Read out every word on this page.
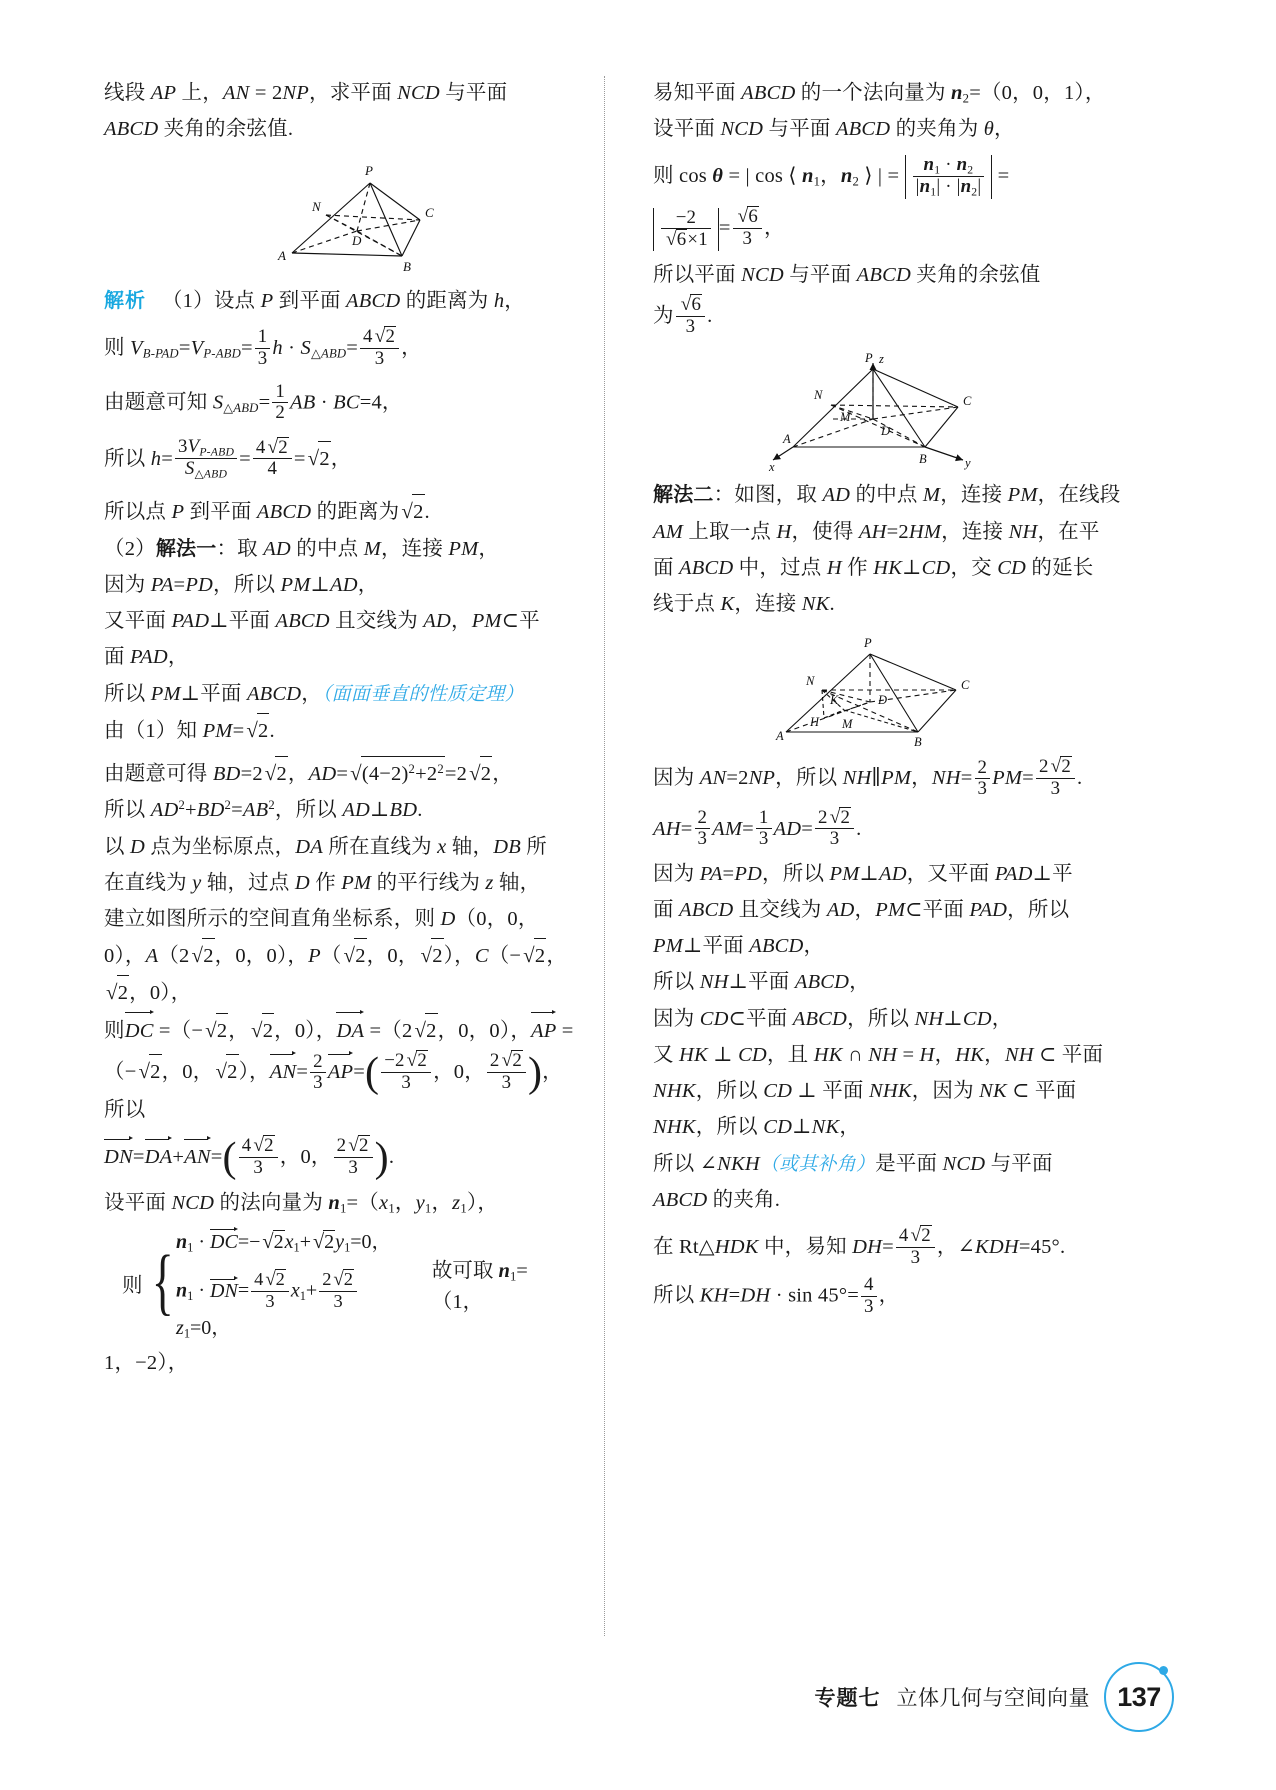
线段 AP 上，AN = 2NP，求平面 NCD 与平面
ABCD 夹角的余弦值.
P
N	C
D
A
B
解析   （1）设点 P 到平面 ABCD 的距离为 h，
则 $V_{B-PAD}=V_{P-ABD}= \frac{1}{3}$ $h \cdot S_{\triangle ABD}= \frac{4 √2}{3}$ ，
由题意可知 $S_{\triangle ABD}= \frac{1}{2}$ AB · BC=4，
所以 $h= \frac{3V_{P-ABD}}{S_{\triangle ABD}} = \frac{4 √2}{4} =√2$，
所以点 P 到平面 ABCD 的距离为√2.
（2）解法一：取 AD 的中点 M，连接 PM，
因为 PA=PD，所以 PM⊥AD，
又平面 PAD⊥平面 ABCD 且交线为 AD，PM⊂平
面 PAD，
所以 PM⊥平面 ABCD，（面面垂直的性质定理）
由（1）知 PM=√2.
由题意可得 BD=2√2，$AD=√(4-2)^2+2^2=2√2$，
所以 $AD^2+BD^2=AB^2$，所以 AD⊥BD.
以 D 点为坐标原点，DA 所在直线为 x 轴，DB 所
在直线为 y 轴，过点 D 作 PM 的平行线为 z 轴，
建立如图所示的空间直角坐标系，则 D（0，0，
0），A（2√2，0，0），P（√2，0，√2），C（−√2，√2，0），
则
DC =（−√2，√2，0），
DA =（2√2，0，0），
AP =
（−√2，0，√2），
$AN= \frac{2}{3} AP=( \frac{-2 √2}{3}$ ，0， $\frac{2 √2}{3}$ )，所以
DN=
DA+
$AN=( \frac{4 √2}{3}$ ，0， $\frac{2 √2}{3}$ ).
设平面 NCD 的法向量为 $n_1=(x_1$，$y_1$，$z_1$），
则 { $n_1$ ·
$DC=-√2x_1+√2y_1=0$，
$n_1$ ·
$DN= \frac{4 √2}{3} x_1+ \frac{2 √2}{3}$
$z_1=0$，
故可取 $n_1=(1$，
1，−2），
易知平面 ABCD 的一个法向量为 $n_2=(0$，0，1），
设平面 NCD 与平面 ABCD 的夹角为 θ，
则 cos θ = | cos ⟨ $n_1$，$n_2$ ⟩ | = $\frac{n_1 \cdot n_2}{|n_1| \cdot |n_2|}$ =
$\frac{-2}{√6\times 1} = \frac{√6}{3}$ ，
所以平面 NCD 与平面 ABCD 夹角的余弦值
为 $\frac{√6}{3}$ .
P z
N	C
M
D
A
B
x	y
解法二：如图，取 AD 的中点 M，连接 PM，在线段
AM 上取一点 H，使得 AH=2HM，连接 NH，在平
面 ABCD 中，过点 H 作 HK⊥CD，交 CD 的延长
线于点 K，连接 NK.
P
N	C
K	D
H M
B
A
因为 AN=2NP，所以 NH∥PM，$NH= \frac{2}{3} PM= \frac{2 √2}{3}$ .
$AH= \frac{2}{3} AM= \frac{1}{3} AD= \frac{2 √2}{3}$ .
因为 PA=PD，所以 PM⊥AD，又平面 PAD⊥平
面 ABCD 且交线为 AD，PM⊂平面 PAD，所以
PM⊥平面 ABCD，
所以 NH⊥平面 ABCD，
因为 CD⊂平面 ABCD，所以 NH⊥CD，
又 HK ⊥ CD，且 HK ∩ NH = H，HK，NH ⊂ 平面
NHK，所以 CD ⊥ 平面 NHK，因为 NK ⊂ 平面
NHK，所以 CD⊥NK，
所以 ∠NKH（或其补角）是平面 NCD 与平面
ABCD 的夹角.
在 Rt△HDK 中，易知 $DH= \frac{4 √2}{3}$ ，∠KDH=45°.
所以 $KH=DH \cdot \sin 45^\circ= \frac{4}{3}$ ，
专题七 立体几何与空间向量 137
